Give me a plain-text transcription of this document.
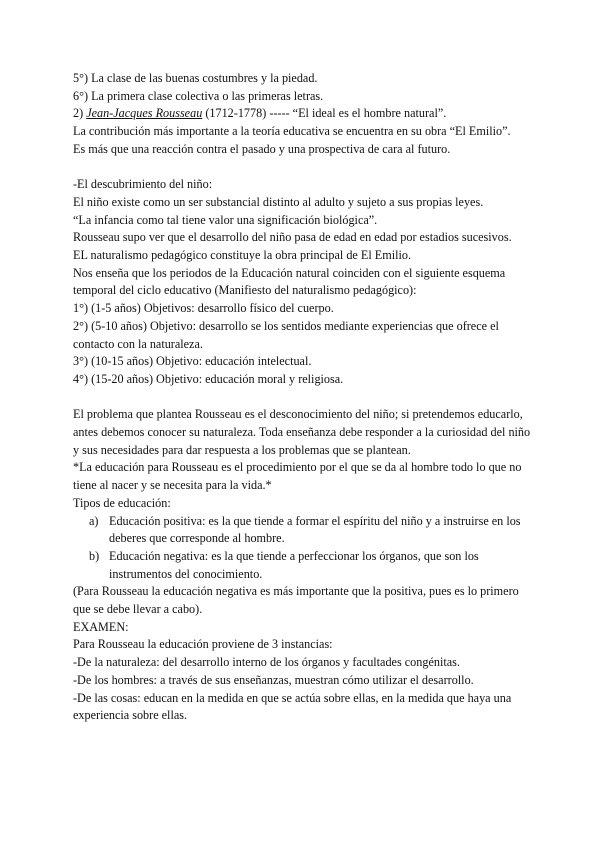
5°) La clase de las buenas costumbres y la piedad.

6°) La primera clase colectiva o las primeras letras.

2) Jean-Jacques Rousseau (1712-1778) ----- “El ideal es el hombre natural”.

La contribución más importante a la teoría educativa se encuentra en su obra “El Emilio”.

Es más que una reacción contra el pasado y una prospectiva de cara al futuro.

-El descubrimiento del niño:

El niño existe como un ser substancial distinto al adulto y sujeto a sus propias leyes.

“La infancia como tal tiene valor una significación biológica”.

Rousseau supo ver que el desarrollo del niño pasa de edad en edad por estadios sucesivos.

EL naturalismo pedagógico constituye la obra principal de El Emilio.

Nos enseña que los periodos de la Educación natural coinciden con el siguiente esquema

temporal del ciclo educativo (Manifiesto del naturalismo pedagógico):

1°) (1-5 años) Objetivos: desarrollo físico del cuerpo.

2°) (5-10 años) Objetivo: desarrollo se los sentidos mediante experiencias que ofrece el

contacto con la naturaleza.

3°) (10-15 años) Objetivo: educación intelectual.

4°) (15-20 años) Objetivo: educación moral y religiosa.

El problema que plantea Rousseau es el desconocimiento del niño; si pretendemos educarlo,

antes debemos conocer su naturaleza. Toda enseñanza debe responder a la curiosidad del niño

y sus necesidades para dar respuesta a los problemas que se plantean.

*La educación para Rousseau es el procedimiento por el que se da al hombre todo lo que no

tiene al nacer y se necesita para la vida.*

Tipos de educación:

a) Educación positiva: es la que tiende a formar el espíritu del niño y a instruirse en los

deberes que corresponde al hombre.

b) Educación negativa: es la que tiende a perfeccionar los órganos, que son los

instrumentos del conocimiento.

(Para Rousseau la educación negativa es más importante que la positiva, pues es lo primero

que se debe llevar a cabo).

EXAMEN:

Para Rousseau la educación proviene de 3 instancias:

-De la naturaleza: del desarrollo interno de los órganos y facultades congénitas.

-De los hombres: a través de sus enseñanzas, muestran cómo utilizar el desarrollo.

-De las cosas: educan en la medida en que se actúa sobre ellas, en la medida que haya una

experiencia sobre ellas.
